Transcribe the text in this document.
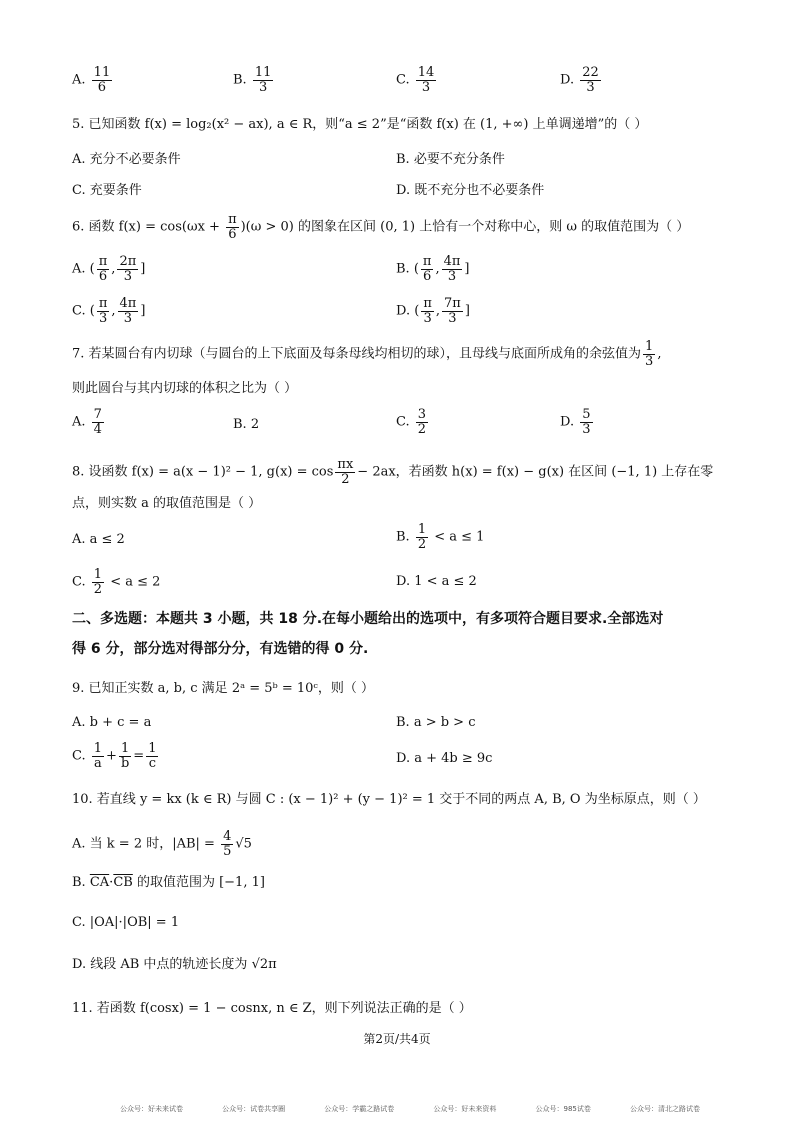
A. $\frac{11}{6}$	B. $\frac{11}{3}$	C. $\frac{14}{3}$	D. $\frac{22}{3}$
5. 已知函数 f(x) = log₂(x² − ax), a ∈ R，则“a ≤ 2”是“函数 f(x) 在 (1, +∞) 上单调递增”的（ ）
A. 充分不必要条件	B. 必要不充分条件
C. 充要条件	D. 既不充分也不必要条件
6. 函数 $f(x) = \cos(\omega x + \frac{\pi}{6} )(\omega > 0)$ 的图象在区间 (0, 1) 上恰有一个对称中心，则 ω 的取值范围为（ ）
A. ( $\frac{\pi}{6}$ , $\frac{2\pi}{3}$ ]	B. ( $\frac{\pi}{6}$ , $\frac{4\pi}{3}$ ]
C. ( $\frac{\pi}{3}$ , $\frac{4\pi}{3}$ ]	D. ( $\frac{\pi}{3}$ , $\frac{7\pi}{3}$ ]
7. 若某圆台有内切球（与圆台的上下底面及每条母线均相切的球），且母线与底面所成角的余弦值为 $\frac{1}{3}$ ,
则此圆台与其内切球的体积之比为（ ）
A. $\frac{7}{4}$	B. 2	C. $\frac{3}{2}$	D. $\frac{5}{3}$
8. 设函数 f(x) = a(x − 1)² − 1, $g(x) = \cos \frac{\pi x}{2} - 2ax$，若函数 h(x) = f(x) − g(x) 在区间 (−1, 1) 上存在零
点，则实数 a 的取值范围是（ ）
A. a ≤ 2	B. $\frac{1}{2} < a \le 1$
C. $\frac{1}{2} < a \le 2$	D. 1 < a ≤ 2
二、多选题：本题共 3 小题，共 18 分.在每小题给出的选项中，有多项符合题目要求.全部选对
得 6 分，部分选对得部分分，有选错的得 0 分.
9. 已知正实数 a, b, c 满足 2ᵃ = 5ᵇ = 10ᶜ，则（ ）
A. b + c = a	B. a > b > c
C. $\frac{1}{a} + \frac{1}{b} = \frac{1}{c}$	D. a + 4b ≥ 9c
10. 若直线 y = kx (k ∈ R) 与圆 C : (x − 1)² + (y − 1)² = 1 交于不同的两点 A, B, O 为坐标原点，则（ ）
A. 当 k = 2 时，$|AB| = \frac{4}{5} √5$
B. $\overline{CA}\cdot\overline{CB}$ 的取值范围为 [−1, 1]
C. |OA|·|OB| = 1
D. 线段 AB 中点的轨迹长度为 √2π
11. 若函数 f(cosx) = 1 − cosnx, n ∈ Z，则下列说法正确的是（ ）
第2页/共4页
公众号：好未来试卷	公众号：试卷共享圈	公众号：学霸之路试卷	公众号：好未来资料	公众号：985试卷	公众号：清北之路试卷
